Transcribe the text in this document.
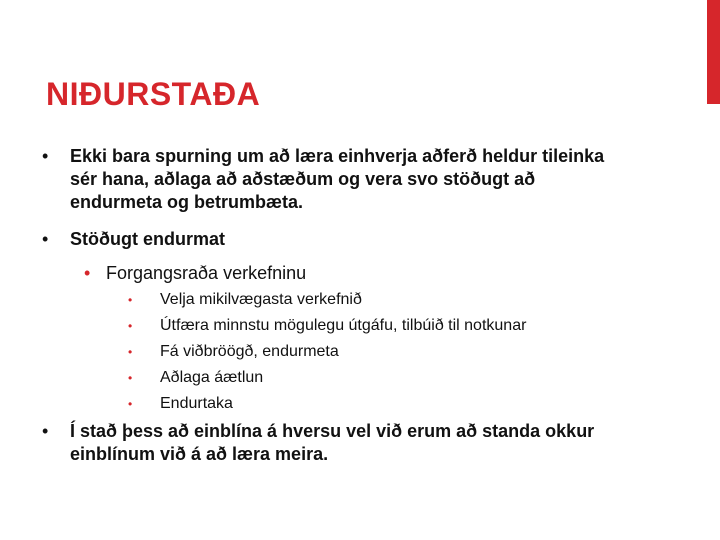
NIÐURSTAÐA
• Ekki bara spurning um að læra einhverja aðferð heldur tileinka sér hana, aðlaga að aðstæðum og vera svo stöðugt að endurmeta og betrumbæta.
• Stöðugt endurmat
• Forgangsraða verkefninu
• Velja mikilvægasta verkefnið
• Útfæra minnstu mögulegu útgáfu, tilbúið til notkunar
• Fá viðbröögð, endurmeta
• Aðlaga áætlun
• Endurtaka
• Í stað þess að einblína á hversu vel við erum að standa okkur einblínum við á að læra meira.
